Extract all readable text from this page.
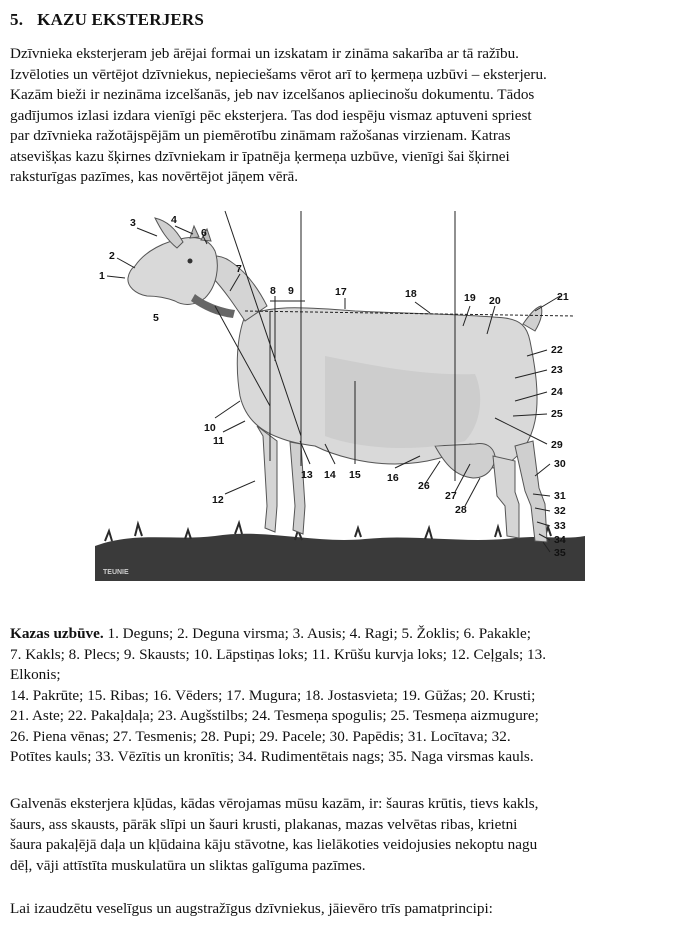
5. KAZU EKSTERJERS

Dzīvnieka eksterjeram jeb ārējai formai un izskatam ir zināma sakarība ar tā ražību.
Izvēloties un vērtējot dzīvniekus, nepieciešams vērot arī to ķermeņa uzbūvi – eksterjeru.
Kazām bieži ir nezināma izcelšanās, jeb nav izcelšanos apliecinošu dokumentu. Tādos
gadījumos izlasi izdara vienīgi pēc eksterjera. Tas dod iespēju vismaz aptuveni spriest
par dzīvnieka ražotājspējām un piemērotību zināmam ražošanas virzienam. Katras
atsevišķas kazu šķirnes dzīvniekam ir īpatnēja ķermeņa uzbūve, vienīgi šai šķirnei
raksturīgas pazīmes, kas novērtējot jāņem vērā.

1
2
3	4
5
6
7
8 9
10
11
12
13 14 15	16
17	18	19 20	21
22
23
24
25
26
27
28
29
30
31
32
33
34
35
TEUNIE

Kazas uzbūve. 1. Deguns; 2. Deguna virsma; 3. Ausis; 4. Ragi; 5. Žoklis; 6. Pakakle;
7. Kakls; 8. Plecs; 9. Skausts; 10. Lāpstiņas loks; 11. Krūšu kurvja loks; 12. Ceļgals; 13.
Elkonis;
14. Pakrūte; 15. Ribas; 16. Vēders; 17. Mugura; 18. Jostasvieta; 19. Gūžas; 20. Krusti;
21. Aste; 22. Pakaļdaļa; 23. Augšstilbs; 24. Tesmeņa spogulis; 25. Tesmeņa aizmugure;
26. Piena vēnas; 27. Tesmenis; 28. Pupi; 29. Pacele; 30. Papēdis; 31. Locītava; 32.
Potītes kauls; 33. Vēzītis un kronītis; 34. Rudimentētais nags; 35. Naga virsmas kauls.

Galvenās eksterjera kļūdas, kādas vērojamas mūsu kazām, ir: šauras krūtis, tievs kakls,
šaurs, ass skausts, pārāk slīpi un šauri krusti, plakanas, mazas velvētas ribas, krietni
šaura pakaļējā daļa un kļūdaina kāju stāvotne, kas lielākoties veidojusies nekoptu nagu
dēļ, vāji attīstīta muskulatūra un sliktas galīguma pazīmes.

Lai izaudzētu veselīgus un augstražīgus dzīvniekus, jāievēro trīs pamatprincipi:
